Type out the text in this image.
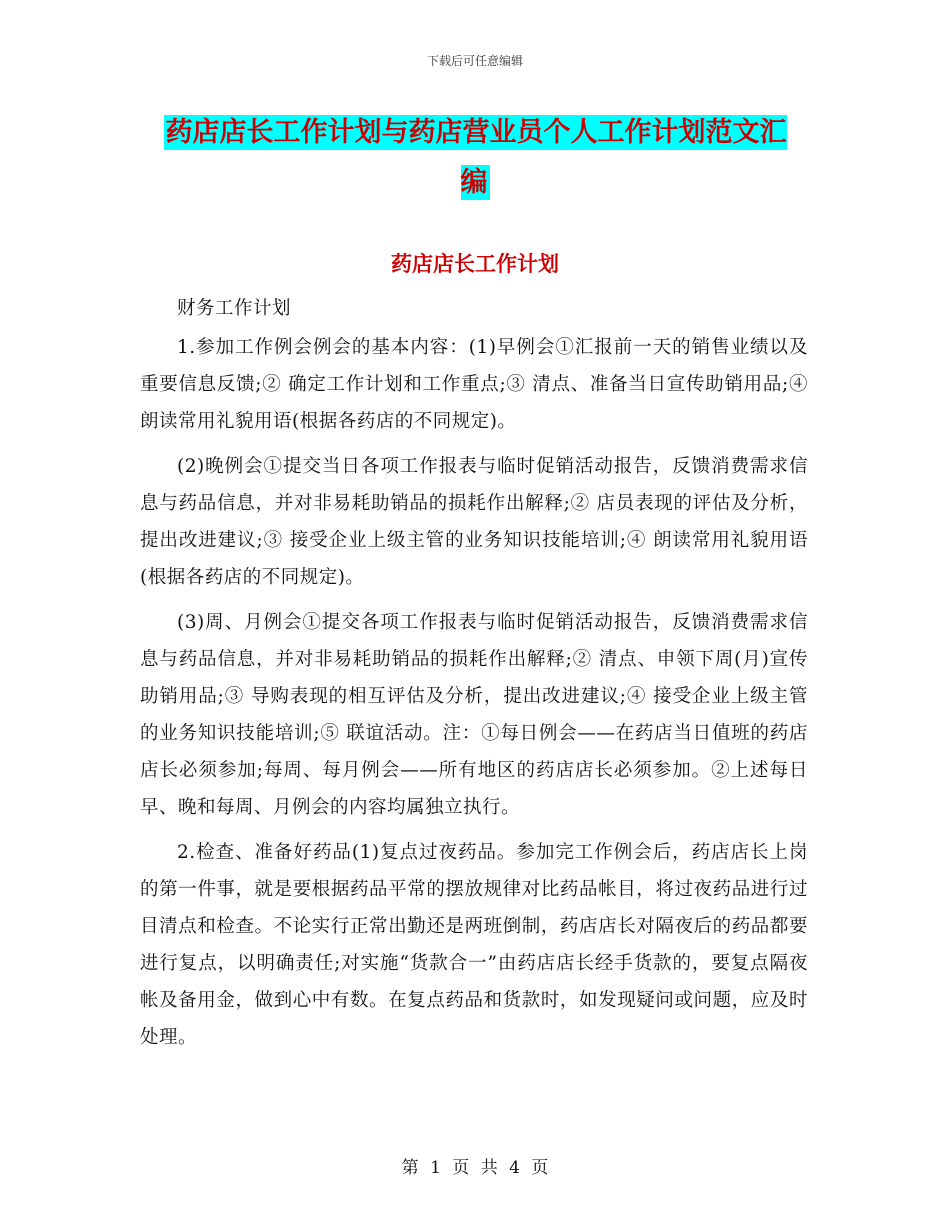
下载后可任意编辑
药店店长工作计划与药店营业员个人工作计划范文汇编
药店店长工作计划

财务工作计划

1.参加工作例会例会的基本内容：(1)早例会①汇报前一天的销售业绩以及重要信息反馈;② 确定工作计划和工作重点;③ 清点、准备当日宣传助销用品;④ 朗读常用礼貌用语(根据各药店的不同规定)。

(2)晚例会①提交当日各项工作报表与临时促销活动报告，反馈消费需求信息与药品信息，并对非易耗助销品的损耗作出解释;② 店员表现的评估及分析，提出改进建议;③ 接受企业上级主管的业务知识技能培训;④ 朗读常用礼貌用语(根据各药店的不同规定)。

(3)周、月例会①提交各项工作报表与临时促销活动报告，反馈消费需求信息与药品信息，并对非易耗助销品的损耗作出解释;② 清点、申领下周(月)宣传助销用品;③ 导购表现的相互评估及分析，提出改进建议;④ 接受企业上级主管的业务知识技能培训;⑤ 联谊活动。注：①每日例会——在药店当日值班的药店店长必须参加;每周、每月例会——所有地区的药店店长必须参加。②上述每日早、晚和每周、月例会的内容均属独立执行。

2.检查、准备好药品(1)复点过夜药品。参加完工作例会后，药店店长上岗的第一件事，就是要根据药品平常的摆放规律对比药品帐目，将过夜药品进行过目清点和检查。不论实行正常出勤还是两班倒制，药店店长对隔夜后的药品都要进行复点，以明确责任;对实施“货款合一”由药店店长经手货款的，要复点隔夜帐及备用金，做到心中有数。在复点药品和货款时，如发现疑问或问题，应及时处理。

第 1 页 共 4 页
